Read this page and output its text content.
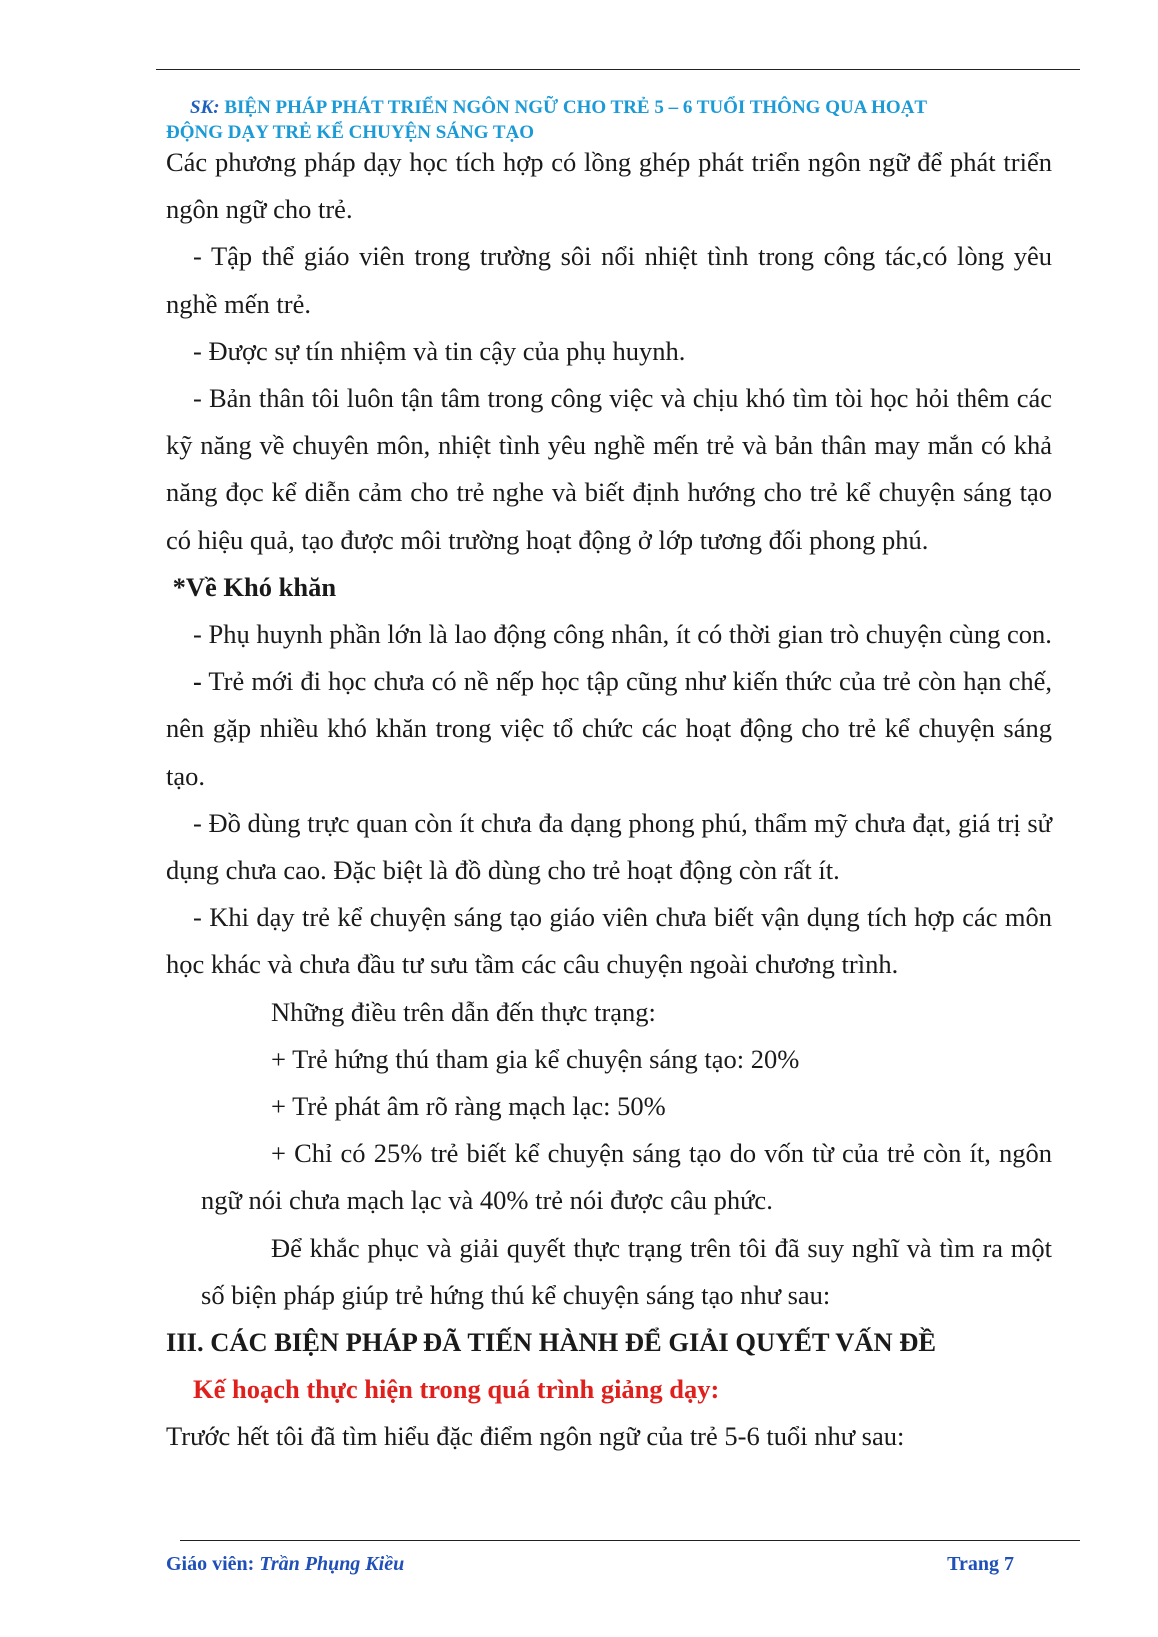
SK: BIỆN PHÁP PHÁT TRIỂN NGÔN NGỮ CHO TRẺ 5 – 6 TUỔI THÔNG QUA HOẠT
ĐỘNG DẠY TRẺ KỂ CHUYỆN SÁNG TẠO

Các phương pháp dạy học tích hợp có lồng ghép phát triển ngôn ngữ để phát triển ngôn ngữ cho trẻ.

- Tập thể giáo viên trong trường sôi nổi nhiệt tình trong công tác,có lòng yêu nghề mến trẻ.

- Được sự tín nhiệm và tin cậy của phụ huynh.

- Bản thân tôi luôn tận tâm trong công việc và chịu khó tìm tòi học hỏi thêm các kỹ năng về chuyên môn, nhiệt tình yêu nghề mến trẻ và bản thân may mắn có khả năng đọc kể diễn cảm cho trẻ nghe và biết định hướng cho trẻ kể chuyện sáng tạo có hiệu quả, tạo được môi trường hoạt động ở lớp tương đối phong phú.

*Về Khó khăn

- Phụ huynh phần lớn là lao động công nhân, ít có thời gian trò chuyện cùng con.

- Trẻ mới đi học chưa có nề nếp học tập cũng như kiến thức của trẻ còn hạn chế, nên gặp nhiều khó khăn trong việc tổ chức các hoạt động cho trẻ kể chuyện sáng tạo.

- Đồ dùng trực quan còn ít chưa đa dạng phong phú, thẩm mỹ chưa đạt, giá trị sử dụng chưa cao. Đặc biệt là đồ dùng cho trẻ hoạt động còn rất ít.

- Khi dạy trẻ kể chuyện sáng tạo giáo viên chưa biết vận dụng tích hợp các môn học khác và chưa đầu tư sưu tầm các câu chuyện ngoài chương trình.

Những điều trên dẫn đến thực trạng:

+ Trẻ hứng thú tham gia kể chuyện sáng tạo: 20%

+ Trẻ phát âm rõ ràng mạch lạc: 50%

+ Chỉ có 25% trẻ biết kể chuyện sáng tạo do vốn từ của trẻ còn ít, ngôn ngữ nói chưa mạch lạc và 40% trẻ nói được câu phức.

Để khắc phục và giải quyết thực trạng trên tôi đã suy nghĩ và tìm ra một số biện pháp giúp trẻ hứng thú kể chuyện sáng tạo như sau:

III. CÁC BIỆN PHÁP ĐÃ TIẾN HÀNH ĐỂ GIẢI QUYẾT VẤN ĐỀ

Kế hoạch thực hiện trong quá trình giảng dạy:

Trước hết tôi đã tìm hiểu đặc điểm ngôn ngữ của trẻ 5-6 tuổi như sau:

Giáo viên: Trần Phụng Kiều	Trang 7
